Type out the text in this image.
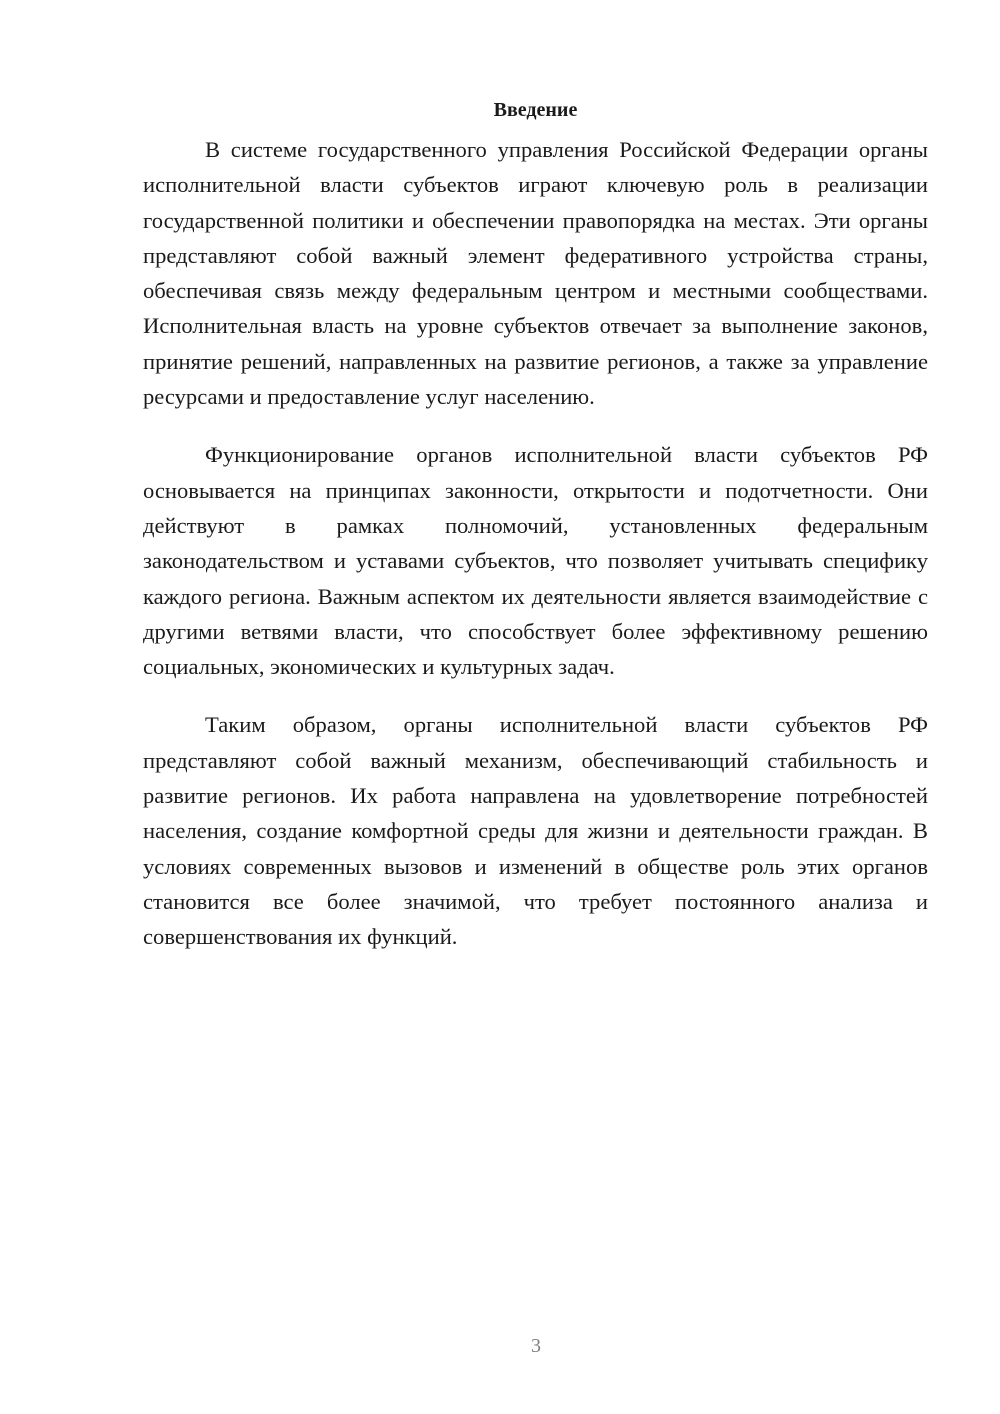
Введение

В системе государственного управления Российской Федерации органы исполнительной власти субъектов играют ключевую роль в реализации государственной политики и обеспечении правопорядка на местах. Эти органы представляют собой важный элемент федеративного устройства страны, обеспечивая связь между федеральным центром и местными сообществами. Исполнительная власть на уровне субъектов отвечает за выполнение законов, принятие решений, направленных на развитие регионов, а также за управление ресурсами и предоставление услуг населению.

Функционирование органов исполнительной власти субъектов РФ основывается на принципах законности, открытости и подотчетности. Они действуют в рамках полномочий, установленных федеральным законодательством и уставами субъектов, что позволяет учитывать специфику каждого региона. Важным аспектом их деятельности является взаимодействие с другими ветвями власти, что способствует более эффективному решению социальных, экономических и культурных задач.

Таким образом, органы исполнительной власти субъектов РФ представляют собой важный механизм, обеспечивающий стабильность и развитие регионов. Их работа направлена на удовлетворение потребностей населения, создание комфортной среды для жизни и деятельности граждан. В условиях современных вызовов и изменений в обществе роль этих органов становится все более значимой, что требует постоянного анализа и совершенствования их функций.

3
